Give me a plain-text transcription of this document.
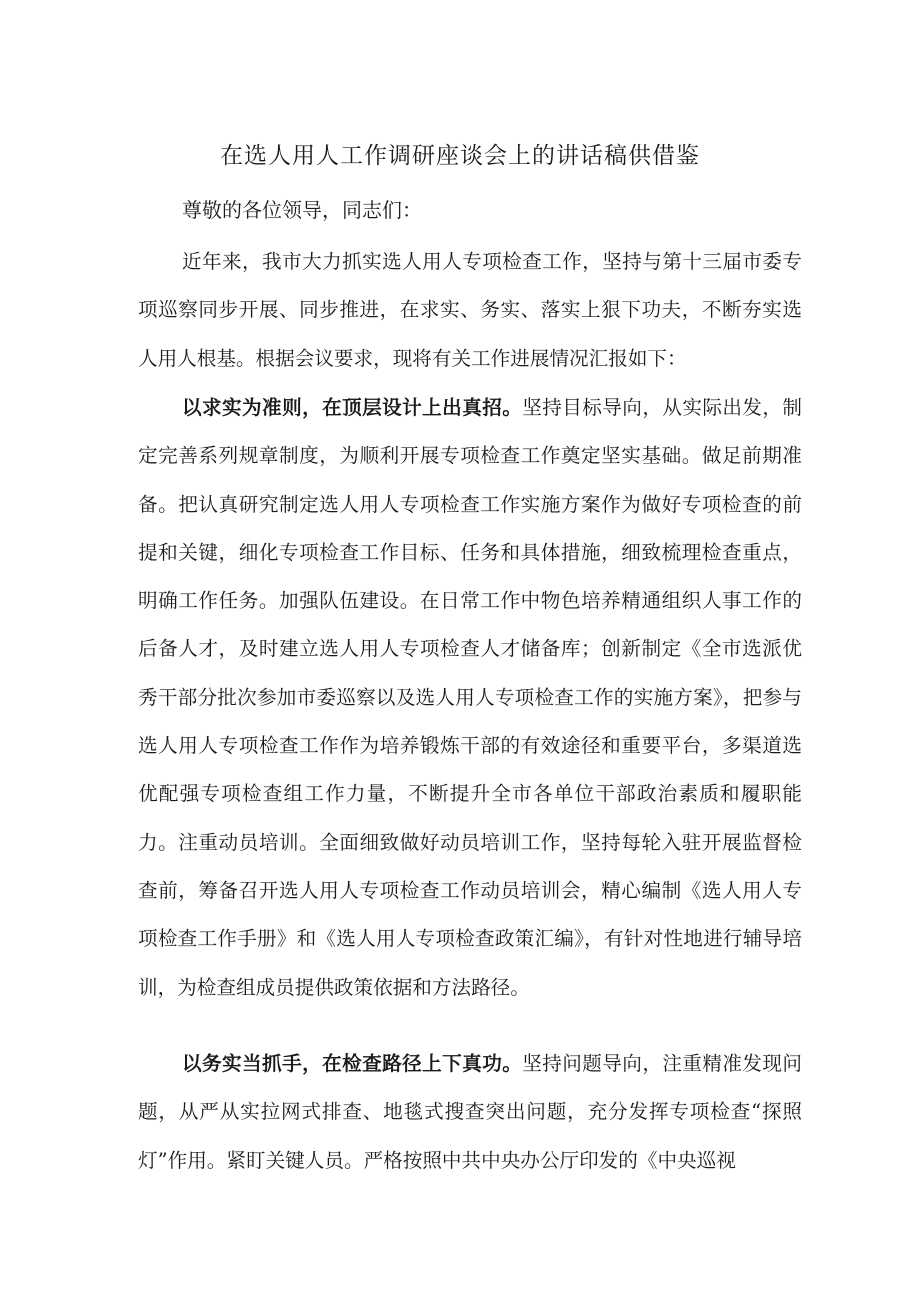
在选人用人工作调研座谈会上的讲话稿供借鉴

尊敬的各位领导，同志们：

近年来，我市大力抓实选人用人专项检查工作，坚持与第十三届市委专项巡察同步开展、同步推进，在求实、务实、落实上狠下功夫，不断夯实选人用人根基。根据会议要求，现将有关工作进展情况汇报如下：

以求实为准则，在顶层设计上出真招。坚持目标导向，从实际出发，制定完善系列规章制度，为顺利开展专项检查工作奠定坚实基础。做足前期准备。把认真研究制定选人用人专项检查工作实施方案作为做好专项检查的前提和关键，细化专项检查工作目标、任务和具体措施，细致梳理检查重点，明确工作任务。加强队伍建设。在日常工作中物色培养精通组织人事工作的后备人才，及时建立选人用人专项检查人才储备库；创新制定《全市选派优秀干部分批次参加市委巡察以及选人用人专项检查工作的实施方案》，把参与选人用人专项检查工作作为培养锻炼干部的有效途径和重要平台，多渠道选优配强专项检查组工作力量，不断提升全市各单位干部政治素质和履职能力。注重动员培训。全面细致做好动员培训工作，坚持每轮入驻开展监督检查前，筹备召开选人用人专项检查工作动员培训会，精心编制《选人用人专项检查工作手册》和《选人用人专项检查政策汇编》，有针对性地进行辅导培训，为检查组成员提供政策依据和方法路径。

以务实当抓手，在检查路径上下真功。坚持问题导向，注重精准发现问题，从严从实拉网式排查、地毯式搜查突出问题，充分发挥专项检查“探照灯”作用。紧盯关键人员。严格按照中共中央办公厅印发的《中央巡视
